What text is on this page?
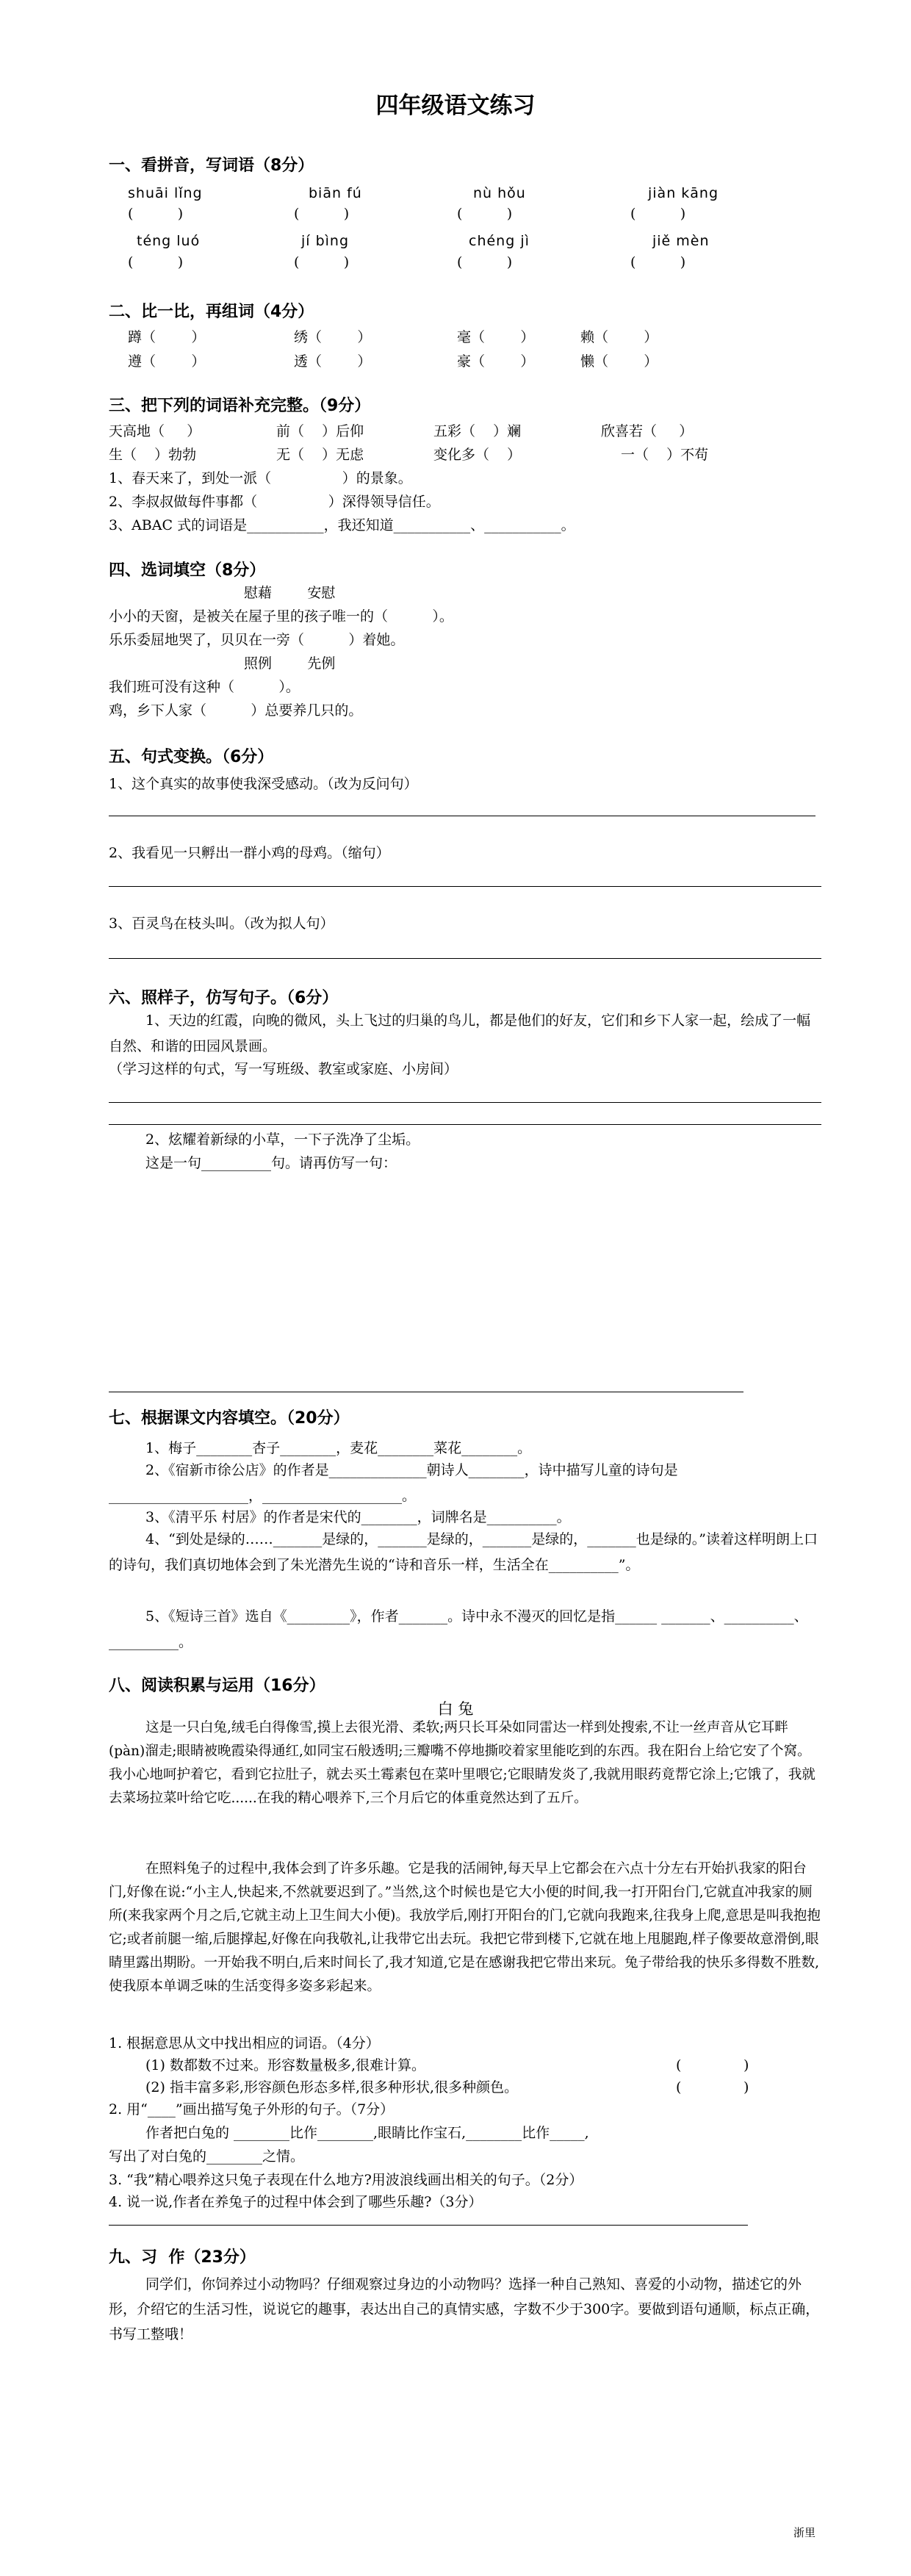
四年级语文练习
一、看拼音，写词语（8分）
shuāi lǐng	biān fú	nù hǒu	jiàn kāng
(          )	(          )	(          )	(          )
téng luó	jí bìng	chéng jì	jiě mèn
(          )	(          )	(          )	(          )
二、比一比，再组词（4分）
蹲（        ）	绣（        ）	毫（        ）	赖（        ）
遵（        ）	透（        ）	豪（        ）	懒（        ）
三、把下列的词语补充完整。（9分）
天高地（     ）	前（    ）后仰	五彩（    ）斓	欣喜若（     ）
生（    ）勃勃	无（    ）无虑	变化多（    ）	一（    ）不苟
1、春天来了，到处一派（                ）的景象。
2、李叔叔做每件事都（                ）深得领导信任。
3、ABAC 式的词语是___________，我还知道___________、___________。
四、选词填空（8分）
慰藉        安慰
小小的天窗，是被关在屋子里的孩子唯一的（          ）。
乐乐委屈地哭了，贝贝在一旁（          ）着她。
照例        先例
我们班可没有这种（          ）。
鸡，乡下人家（          ）总要养几只的。
五、句式变换。（6分）
1、这个真实的故事使我深受感动。（改为反问句）
2、我看见一只孵出一群小鸡的母鸡。（缩句）
3、百灵鸟在枝头叫。（改为拟人句）
六、照样子，仿写句子。（6分）
1、天边的红霞，向晚的微风，头上飞过的归巢的鸟儿，都是他们的好友，它们和乡下人家一起，绘成了一幅自然、和谐的田园风景画。
（学习这样的句式，写一写班级、教室或家庭、小房间）
2、炫耀着新绿的小草，一下子洗净了尘垢。
这是一句__________句。请再仿写一句：
七、根据课文内容填空。（20分）
1、梅子________杏子________，麦花________菜花________。
2、《宿新市徐公店》的作者是______________朝诗人________，诗中描写儿童的诗句是____________________，____________________。
3、《清平乐 村居》的作者是宋代的________，词牌名是__________。
4、“到处是绿的……_______是绿的，_______是绿的，_______是绿的，_______也是绿的。”读着这样明朗上口的诗句，我们真切地体会到了朱光潜先生说的“诗和音乐一样，生活全在__________”。
5、《短诗三首》选自《_________》，作者_______。诗中永不漫灭的回忆是指______ _______、__________、__________。
八、阅读积累与运用（16分）
白 兔
这是一只白兔,绒毛白得像雪,摸上去很光滑、柔软;两只长耳朵如同雷达一样到处搜索,不让一丝声音从它耳畔(pàn)溜走;眼睛被晚霞染得通红,如同宝石般透明;三瓣嘴不停地撕咬着家里能吃到的东西。我在阳台上给它安了个窝。我小心地呵护着它，看到它拉肚子，就去买土霉素包在菜叶里喂它;它眼睛发炎了,我就用眼药竟帮它涂上;它饿了，我就去菜场拉菜叶给它吃......在我的精心喂养下,三个月后它的体重竟然达到了五斤。
在照料兔子的过程中,我体会到了许多乐趣。它是我的活闹钟,每天早上它都会在六点十分左右开始扒我家的阳台门,好像在说:“小主人,快起来,不然就要迟到了。”当然,这个时候也是它大小便的时间,我一打开阳台门,它就直冲我家的厕所(来我家两个月之后,它就主动上卫生间大小便)。我放学后,刚打开阳台的门,它就向我跑来,往我身上爬,意思是叫我抱抱它;或者前腿一缩,后腿撑起,好像在向我敬礼,让我带它出去玩。我把它带到楼下,它就在地上甩腿跑,样子像要故意滑倒,眼睛里露出期盼。一开始我不明白,后来时间长了,我才知道,它是在感谢我把它带出来玩。兔子带给我的快乐多得数不胜数,使我原本单调乏味的生活变得多姿多彩起来。
1. 根据意思从文中找出相应的词语。（4分）
(1) 数都数不过来。形容数量极多,很难计算。	(              )
(2) 指丰富多彩,形容颜色形态多样,很多种形状,很多种颜色。	(              )
2. 用“____”画出描写兔子外形的句子。（7分）
作者把白兔的 ________比作________,眼睛比作宝石,________比作_____,
写出了对白兔的________之情。
3. “我”精心喂养这只兔子表现在什么地方?用波浪线画出相关的句子。（2分）
4. 说一说,作者在养兔子的过程中体会到了哪些乐趣?（3分）
九、习  作（23分）
同学们，你饲养过小动物吗？仔细观察过身边的小动物吗？选择一种自己熟知、喜爱的小动物，描述它的外形，介绍它的生活习性，说说它的趣事，表达出自己的真情实感，字数不少于300字。要做到语句通顺，标点正确，书写工整哦！
浙里
